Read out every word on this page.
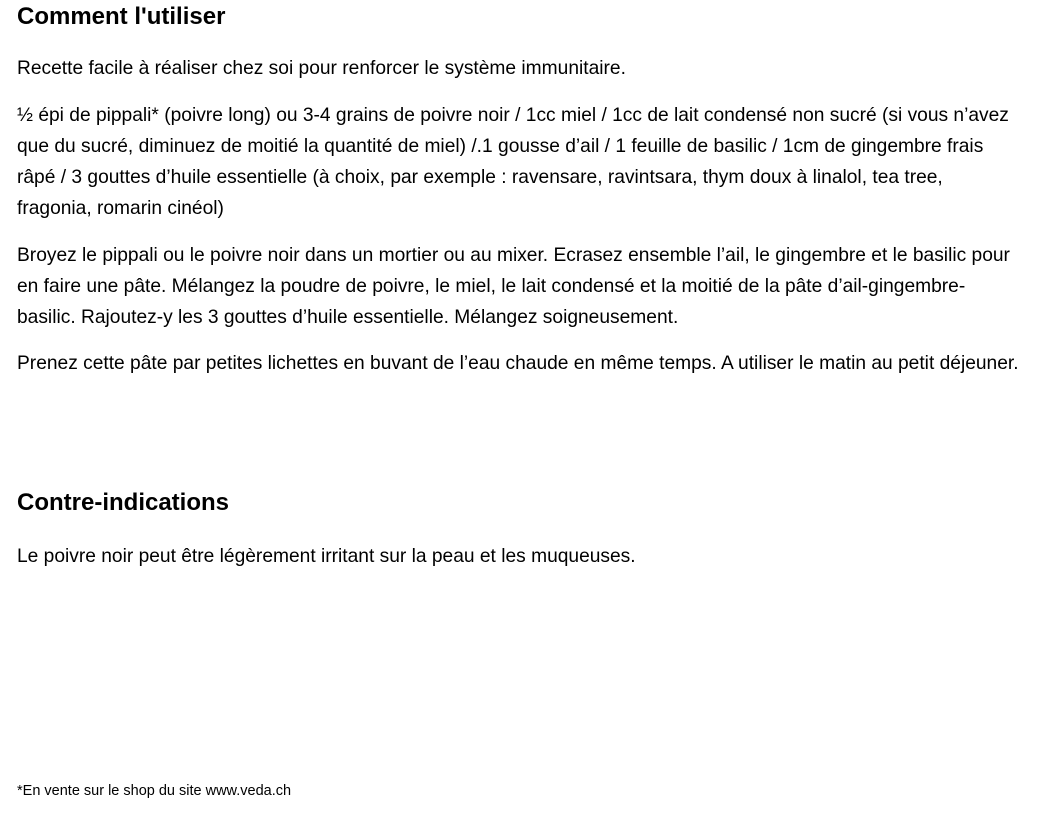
Comment l'utiliser

Recette facile à réaliser chez soi pour renforcer le système immunitaire.

½ épi de pippali* (poivre long) ou 3-4 grains de poivre noir / 1cc miel / 1cc de lait condensé non sucré (si vous n’avez que du sucré, diminuez de moitié la quantité de miel) /.1 gousse d’ail / 1 feuille de basilic / 1cm de gingembre frais râpé / 3 gouttes d’huile essentielle (à choix, par exemple : ravensare, ravintsara, thym doux à linalol, tea tree, fragonia, romarin cinéol)

Broyez le pippali ou le poivre noir dans un mortier ou au mixer. Ecrasez ensemble l’ail, le gingembre et le basilic pour en faire une pâte. Mélangez la poudre de poivre, le miel, le lait condensé et la moitié de la pâte d’ail-gingembre-basilic. Rajoutez-y les 3 gouttes d’huile essentielle. Mélangez soigneusement.

Prenez cette pâte par petites lichettes en buvant de l’eau chaude en même temps. A utiliser le matin au petit déjeuner.

Contre-indications

Le poivre noir peut être légèrement irritant sur la peau et les muqueuses.

*En vente sur le shop du site www.veda.ch
